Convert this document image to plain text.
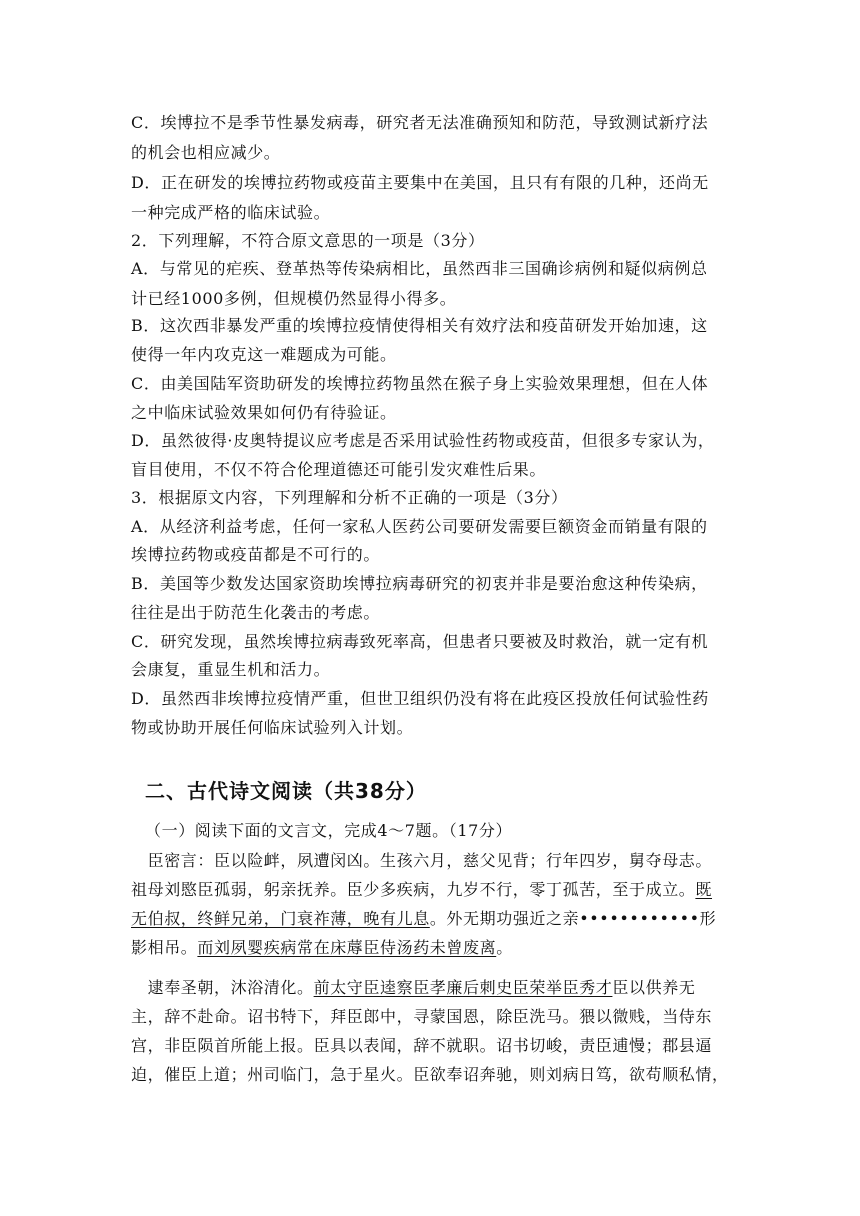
C．埃博拉不是季节性暴发病毒，研究者无法准确预知和防范，导致测试新疗法
的机会也相应减少。
D．正在研发的埃博拉药物或疫苗主要集中在美国，且只有有限的几种，还尚无
一种完成严格的临床试验。
2．下列理解，不符合原文意思的一项是（3分）
A．与常见的疟疾、登革热等传染病相比，虽然西非三国确诊病例和疑似病例总
计已经1000多例，但规模仍然显得小得多。
B．这次西非暴发严重的埃博拉疫情使得相关有效疗法和疫苗研发开始加速，这
使得一年内攻克这一难题成为可能。
C．由美国陆军资助研发的埃博拉药物虽然在猴子身上实验效果理想，但在人体
之中临床试验效果如何仍有待验证。
D．虽然彼得·皮奥特提议应考虑是否采用试验性药物或疫苗，但很多专家认为，
盲目使用，不仅不符合伦理道德还可能引发灾难性后果。
3．根据原文内容，下列理解和分析不正确的一项是（3分）
A．从经济利益考虑，任何一家私人医药公司要研发需要巨额资金而销量有限的
埃博拉药物或疫苗都是不可行的。
B．美国等少数发达国家资助埃博拉病毒研究的初衷并非是要治愈这种传染病，
往往是出于防范生化袭击的考虑。
C．研究发现，虽然埃博拉病毒致死率高，但患者只要被及时救治，就一定有机
会康复，重显生机和活力。
D．虽然西非埃博拉疫情严重，但世卫组织仍没有将在此疫区投放任何试验性药
物或协助开展任何临床试验列入计划。
二、古代诗文阅读（共38分）
（一）阅读下面的文言文，完成4～7题。（17分）
　臣密言：臣以险衅，夙遭闵凶。生孩六月，慈父见背；行年四岁，舅夺母志。
祖母刘愍臣孤弱，躬亲抚养。臣少多疾病，九岁不行，零丁孤苦，至于成立。既
无伯叔，终鲜兄弟，门衰祚薄，晚有儿息。外无期功强近之亲••••••••••••形
影相吊。而刘夙婴疾病常在床蓐臣侍汤药未曾废离。
　逮奉圣朝，沐浴清化。前太守臣逵察臣孝廉后刺史臣荣举臣秀才臣以供养无
主，辞不赴命。诏书特下，拜臣郎中，寻蒙国恩，除臣洗马。猥以微贱，当侍东
宫，非臣陨首所能上报。臣具以表闻，辞不就职。诏书切峻，责臣逋慢；郡县逼
迫，催臣上道；州司临门，急于星火。臣欲奉诏奔驰，则刘病日笃，欲苟顺私情，
